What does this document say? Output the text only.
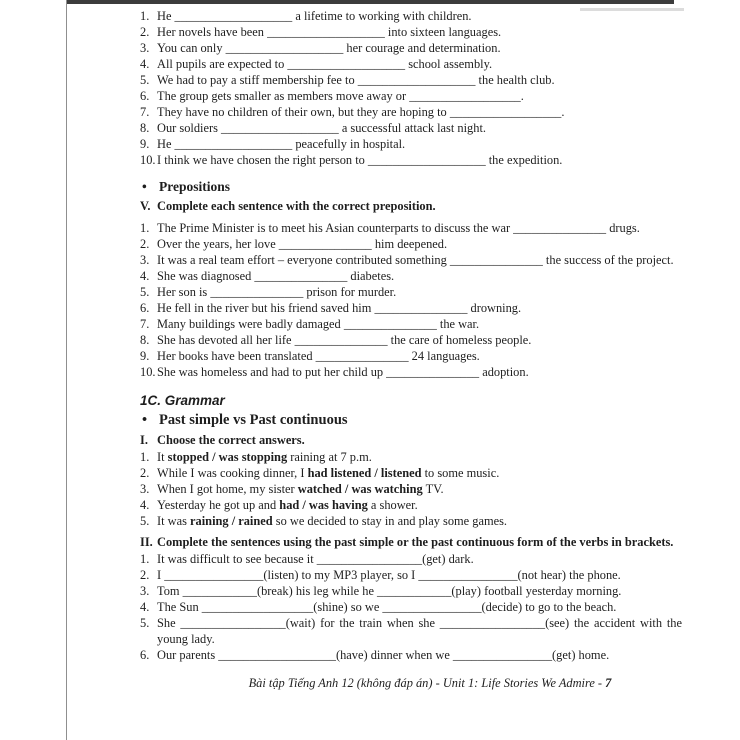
1. He ___________________ a lifetime to working with children.
2. Her novels have been ___________________ into sixteen languages.
3. You can only ___________________ her courage and determination.
4. All pupils are expected to ___________________ school assembly.
5. We had to pay a stiff membership fee to ___________________ the health club.
6. The group gets smaller as members move away or __________________.
7. They have no children of their own, but they are hoping to __________________.
8. Our soldiers ___________________ a successful attack last night.
9. He ___________________ peacefully in hospital.
10. I think we have chosen the right person to ___________________ the expedition.
• Prepositions
V. Complete each sentence with the correct preposition.
1. The Prime Minister is to meet his Asian counterparts to discuss the war _______________ drugs.
2. Over the years, her love _______________ him deepened.
3. It was a real team effort – everyone contributed something _______________ the success of the project.
4. She was diagnosed _______________ diabetes.
5. Her son is _______________ prison for murder.
6. He fell in the river but his friend saved him _______________ drowning.
7. Many buildings were badly damaged _______________ the war.
8. She has devoted all her life _______________ the care of homeless people.
9. Her books have been translated _______________ 24 languages.
10. She was homeless and had to put her child up _______________ adoption.
1C. Grammar
• Past simple vs Past continuous
I. Choose the correct answers.
1. It stopped / was stopping raining at 7 p.m.
2. While I was cooking dinner, I had listened / listened to some music.
3. When I got home, my sister watched / was watching TV.
4. Yesterday he got up and had / was having a shower.
5. It was raining / rained so we decided to stay in and play some games.
II. Complete the sentences using the past simple or the past continuous form of the verbs in brackets.
1. It was difficult to see because it _________________(get) dark.
2. I ________________(listen) to my MP3 player, so I ________________(not hear) the phone.
3. Tom ____________(break) his leg while he ____________(play) football yesterday morning.
4. The Sun __________________(shine) so we ________________(decide) to go to the beach.
5. She _________________(wait) for the train when she _________________(see) the accident with the young lady.
6. Our parents ___________________(have) dinner when we ________________(get) home.
Bài tập Tiếng Anh 12 (không đáp án) - Unit 1: Life Stories We Admire - 7
